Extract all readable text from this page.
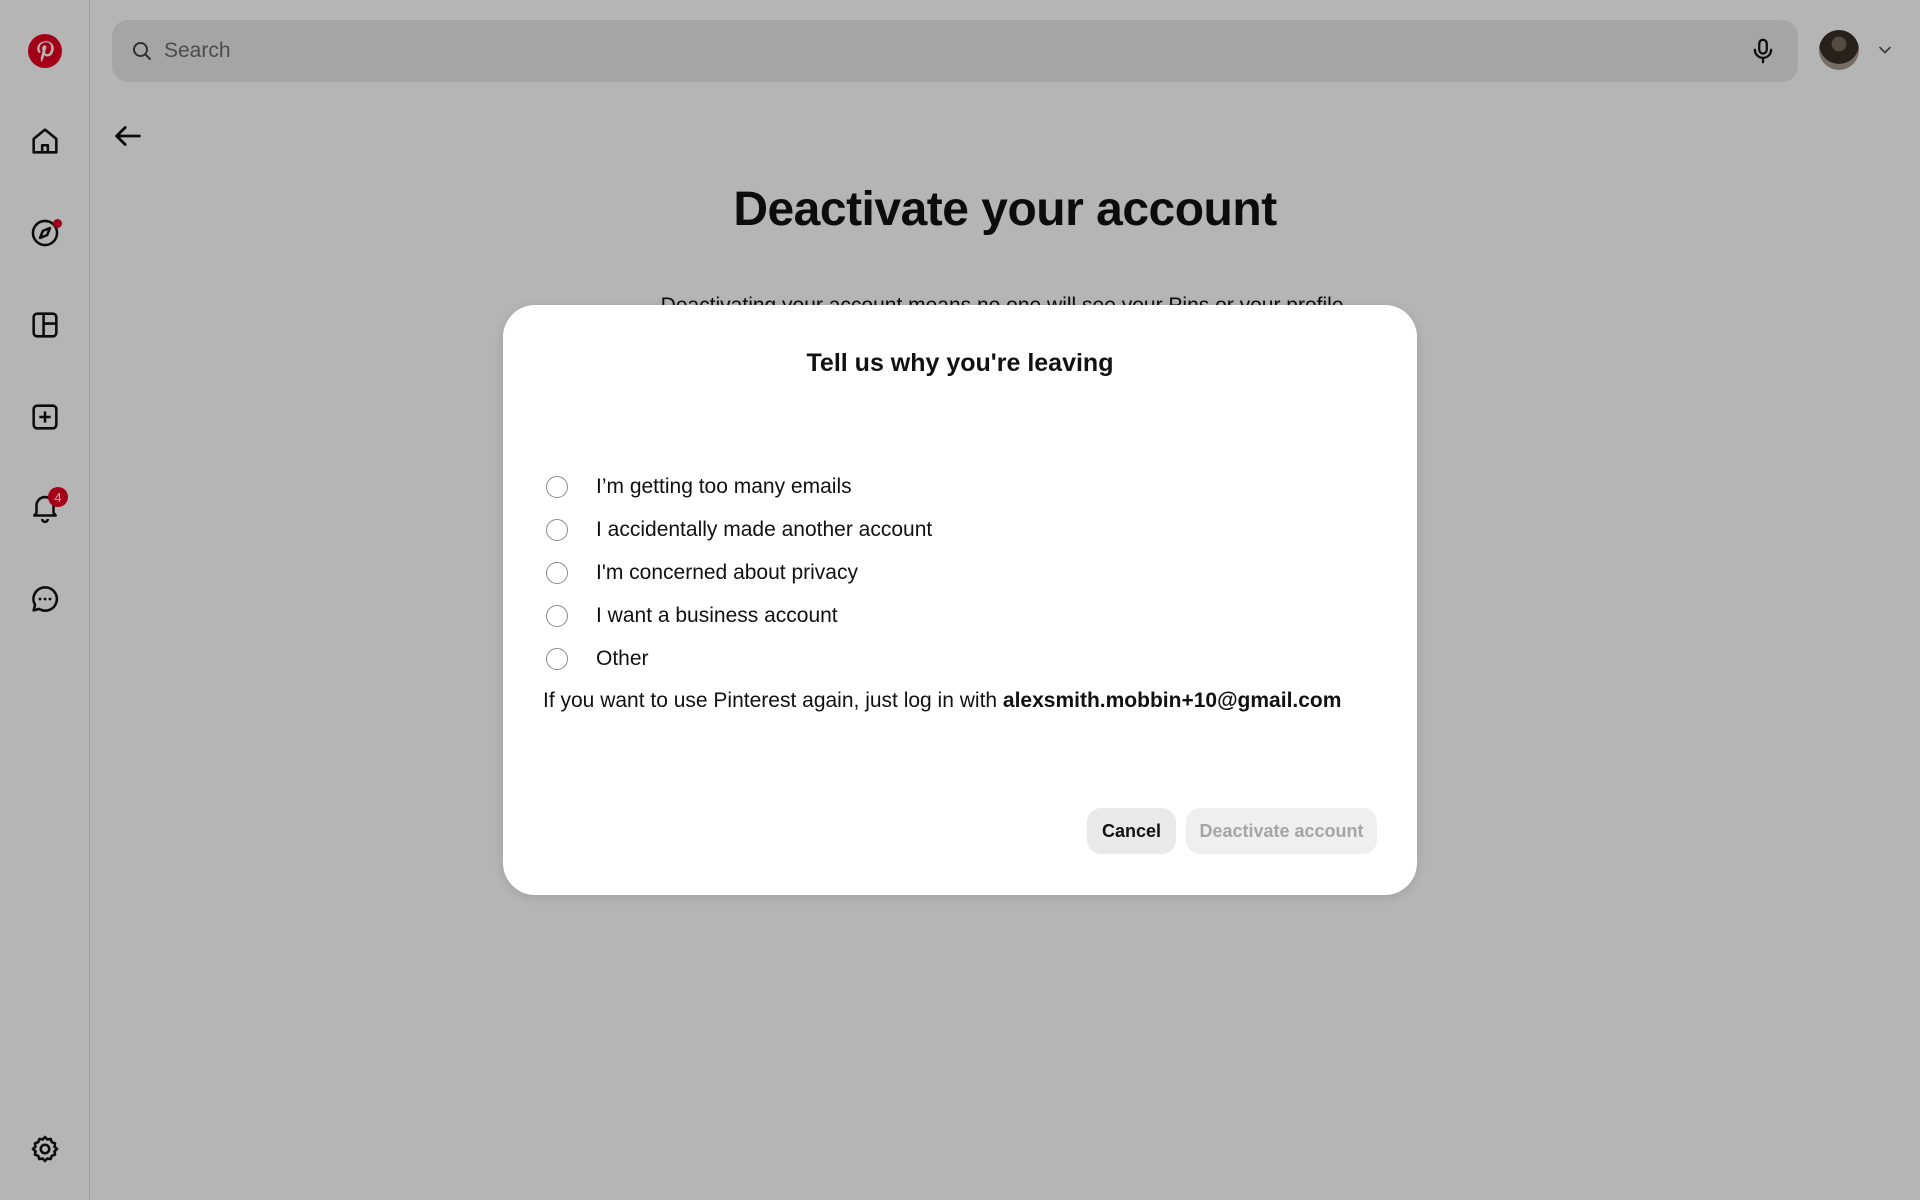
4
Search
Deactivate your account

Tell us why you're leaving
I’m getting too many emails
I accidentally made another account
I'm concerned about privacy
I want a business account
Other

If you want to use Pinterest again, just log in with alexsmith.mobbin+10@gmail.com

Cancel	Deactivate account
